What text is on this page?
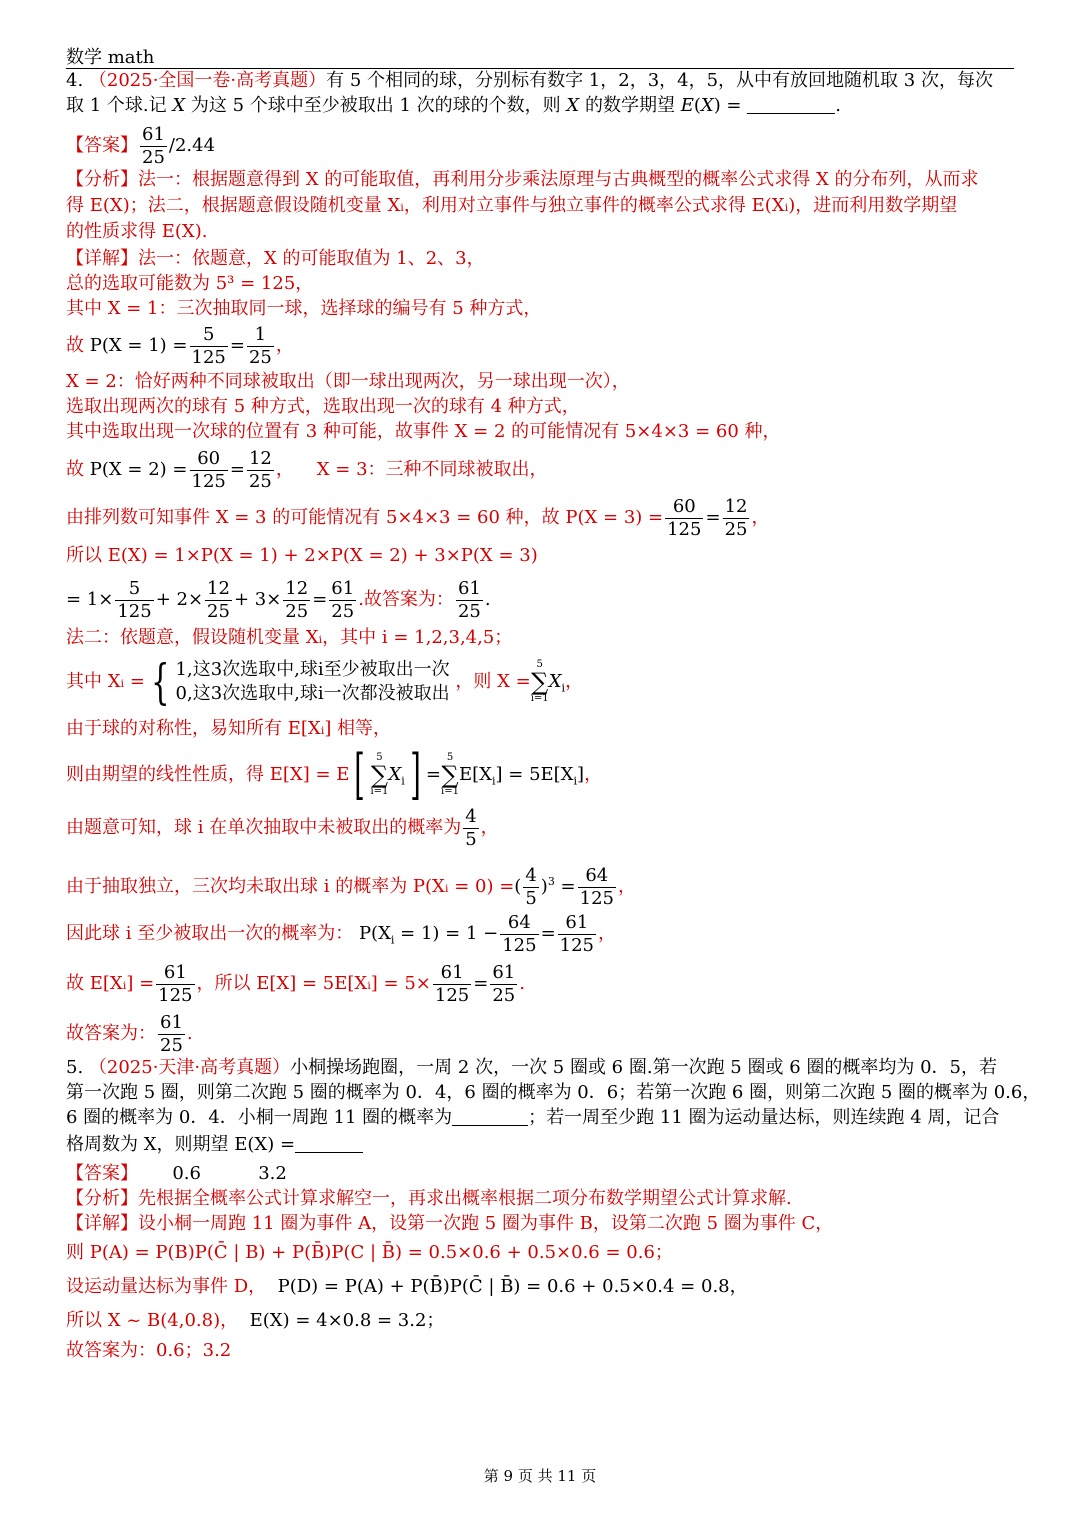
数学 math
4. （2025·全国一卷·高考真题）有 5 个相同的球，分别标有数字 1，2，3，4，5，从中有放回地随机取 3 次，每次
取 1 个球.记 X 为这 5 个球中至少被取出 1 次的球的个数，则 X 的数学期望 E(X) =	.
【答案】 $\frac{61}{25} /2.44$
【分析】法一：根据题意得到 X 的可能取值，再利用分步乘法原理与古典概型的概率公式求得 X 的分布列，从而求
得 E(X)；法二，根据题意假设随机变量 Xᵢ，利用对立事件与独立事件的概率公式求得 E(Xᵢ)，进而利用数学期望
的性质求得 E(X).
【详解】法一：依题意，X 的可能取值为 1、2、3，
总的选取可能数为 5³ = 125，
其中 X = 1：三次抽取同一球，选择球的编号有 5 种方式，
故 $P(X = 1) = \frac{5}{125} = \frac{1}{25}$ ，
X = 2：恰好两种不同球被取出（即一球出现两次，另一球出现一次），
选取出现两次的球有 5 种方式，选取出现一次的球有 4 种方式，
其中选取出现一次球的位置有 3 种可能，故事件 X = 2 的可能情况有 5×4×3 = 60 种，
故 $P(X = 2) = \frac{60}{125} = \frac{12}{25}$ ，    X = 3：三种不同球被取出，
由排列数可知事件 X = 3 的可能情况有 5×4×3 = 60 种，故 $P(X = 3) = \frac{60}{125} = \frac{12}{25}$ ，
所以 E(X) = 1×P(X = 1) + 2×P(X = 2) + 3×P(X = 3)
= $1\times \frac{5}{125} + 2\times \frac{12}{25} + 3\times \frac{12}{25} = \frac{61}{25}$ .故答案为： $\frac{61}{25}$ .
法二：依题意，假设随机变量 Xᵢ，其中 i = 1,2,3,4,5；
其中 Xᵢ = { 1,这3次选取中,球i至少被取出一次
0,这3次选取中,球i一次都没被取出
，则 X =
5
∑
i=1
$X_i$，
由于球的对称性，易知所有 E[Xᵢ] 相等，
则由期望的线性性质，得 E[X] = E[	5
∑
i=1
$X_i$] =
5
∑
i=1
$E[X_i] = 5E[X_i]$，
由题意可知，球 i 在单次抽取中未被取出的概率为 $\frac{4}{5}$ ，
由于抽取独立，三次均未取出球 i 的概率为 P(Xᵢ = 0) =( $\frac{4}{5} )^3 = \frac{64}{125}$ ，
因此球 i 至少被取出一次的概率为： $P(X_i = 1) = 1 - \frac{64}{125} = \frac{61}{125}$ ，
故 E[Xᵢ] = $\frac{61}{125}$ ，所以 E[X] = 5E[Xᵢ] = $5\times \frac{61}{125} = \frac{61}{25}$ .
故答案为： $\frac{61}{25}$ .
5. （2025·天津·高考真题）小桐操场跑圈，一周 2 次，一次 5 圈或 6 圈.第一次跑 5 圈或 6 圈的概率均为 0．5，若
第一次跑 5 圈，则第二次跑 5 圈的概率为 0．4，6 圈的概率为 0．6；若第一次跑 6 圈，则第二次跑 5 圈的概率为 0.6，
6 圈的概率为 0．4．小桐一周跑 11 圈的概率为	；若一周至少跑 11 圈为运动量达标，则连续跑 4 周，记合
格周数为 X，则期望 E(X) =
【答案】 0.6	3.2
【分析】先根据全概率公式计算求解空一，再求出概率根据二项分布数学期望公式计算求解.
【详解】设小桐一周跑 11 圈为事件 A，设第一次跑 5 圈为事件 B，设第二次跑 5 圈为事件 C，
则 P(A) = P(B)P(C̄ | B) + P(B̄)P(C | B̄) = 0.5×0.6 + 0.5×0.6 = 0.6；
设运动量达标为事件 D， P(D) = P(A) + P(B̄)P(C̄ | B̄) = 0.6 + 0.5×0.4 = 0.8，
所以 X ~ B(4,0.8)， E(X) = 4×0.8 = 3.2；
故答案为：0.6；3.2
第 9 页 共 11 页
